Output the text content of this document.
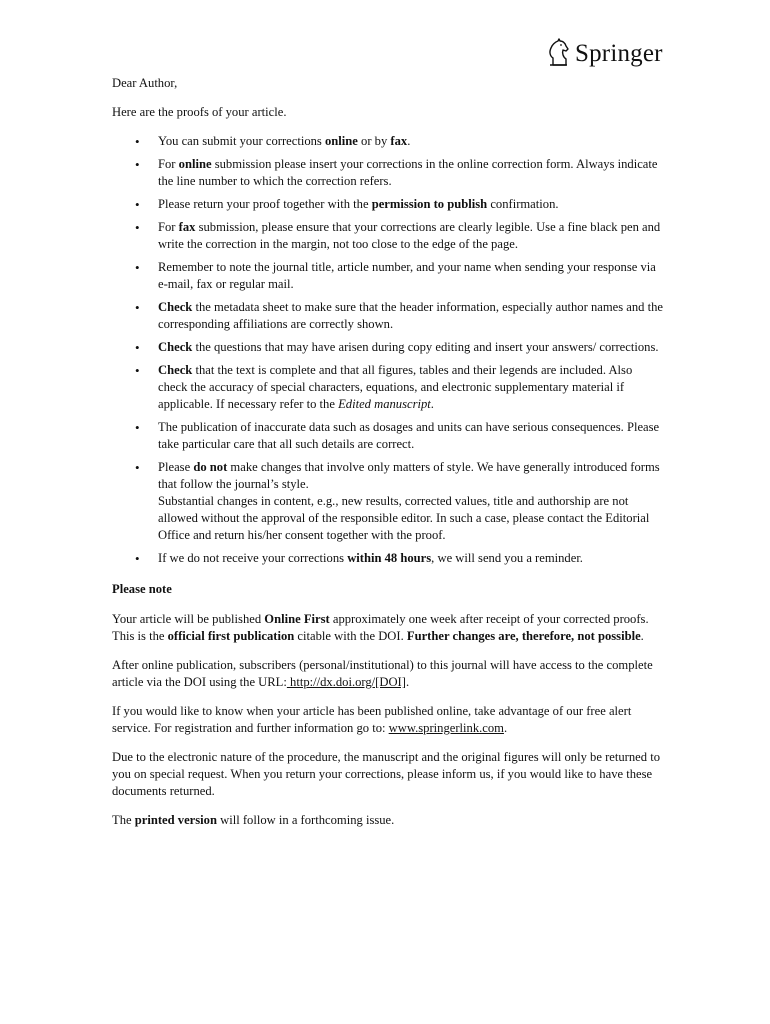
Springer

Dear Author,

Here are the proofs of your article.

• You can submit your corrections online or by fax.
• For online submission please insert your corrections in the online correction form. Always indicate the line number to which the correction refers.
• Please return your proof together with the permission to publish confirmation.
• For fax submission, please ensure that your corrections are clearly legible. Use a fine black pen and write the correction in the margin, not too close to the edge of the page.
• Remember to note the journal title, article number, and your name when sending your response via e-mail, fax or regular mail.
• Check the metadata sheet to make sure that the header information, especially author names and the corresponding affiliations are correctly shown.
• Check the questions that may have arisen during copy editing and insert your answers/ corrections.
• Check that the text is complete and that all figures, tables and their legends are included. Also check the accuracy of special characters, equations, and electronic supplementary material if applicable. If necessary refer to the Edited manuscript.
• The publication of inaccurate data such as dosages and units can have serious consequences. Please take particular care that all such details are correct.
• Please do not make changes that involve only matters of style. We have generally introduced forms that follow the journal’s style.
Substantial changes in content, e.g., new results, corrected values, title and authorship are not allowed without the approval of the responsible editor. In such a case, please contact the Editorial Office and return his/her consent together with the proof.
• If we do not receive your corrections within 48 hours, we will send you a reminder.

Please note

Your article will be published Online First approximately one week after receipt of your corrected proofs. This is the official first publication citable with the DOI. Further changes are, therefore, not possible.

After online publication, subscribers (personal/institutional) to this journal will have access to the complete article via the DOI using the URL: http://dx.doi.org/[DOI].

If you would like to know when your article has been published online, take advantage of our free alert service. For registration and further information go to: www.springerlink.com.

Due to the electronic nature of the procedure, the manuscript and the original figures will only be returned to you on special request. When you return your corrections, please inform us, if you would like to have these documents returned.

The printed version will follow in a forthcoming issue.
